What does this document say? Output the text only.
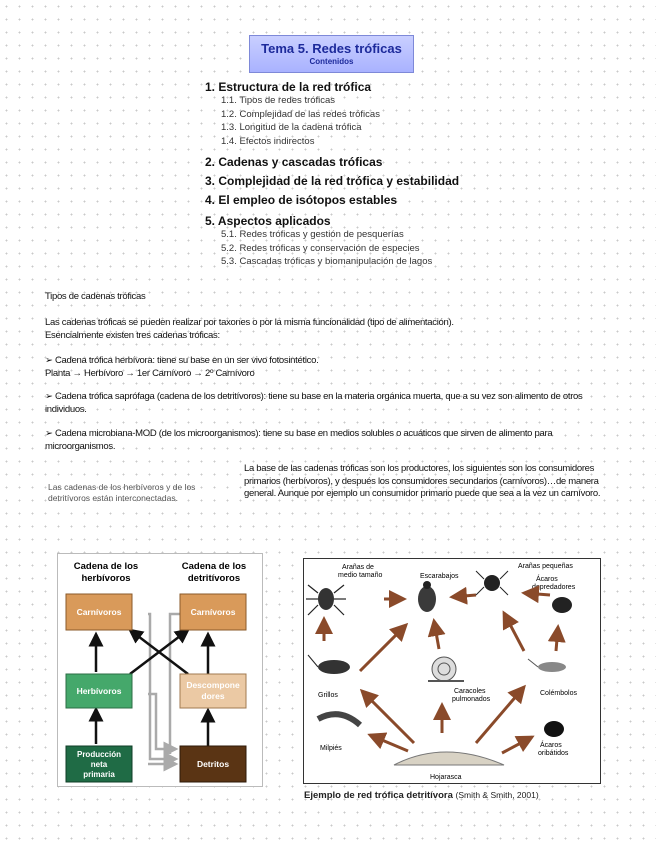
Tema 5. Redes tróficas
Contenidos
1. Estructura de la red trófica
1.1. Tipos de redes tróficas
1.2. Complejidad de las redes tróficas
1.3. Longitud de la cadena trófica
1.4. Efectos indirectos
2. Cadenas y cascadas tróficas
3. Complejidad de la red trófica y estabilidad
4. El empleo de isótopos estables
5. Aspectos aplicados
5.1. Redes tróficas y gestión de pesquerías
5.2. Redes tróficas y conservación de especies
5.3. Cascadas tróficas y biomanipulación de lagos
Tipos de cadenas tróficas
Las cadenas tróficas se pueden realizar por taxones o por la misma funcionalidad (tipo de alimentación).
Esencialmente existen tres cadenas tróficas:
➢ Cadena trófica herbívora: tiene su base en un ser vivo fotosintético.
Planta → Herbívoro → 1er Carnívoro → 2º Carnívoro
➢ Cadena trófica saprófaga (cadena de los detritívoros): tiene su base en la materia orgánica muerta, que a su vez son alimento de otros individuos.
➢ Cadena microbiana-MOD (de los microorganismos): tiene su base en medios solubles o acuáticos que sirven de alimento para microorganismos.
Las cadenas de los herbívoros y de los detritívoros están interconectadas.
La base de las cadenas tróficas son los productores, los siguientes son los consumidores primarios (herbívoros), y después los consumidores secundarios (carnívoros)…de manera general. Aunque por ejemplo un consumidor primario puede que sea a la vez un carnívoro.
Cadena de los
herbívoros
Cadena de los
detritívoros
Carnívoros	Carnívoros
Herbívoros
Descompone
dores
Producción
neta
primaria
Detritos
Arañas de
medio tamaño	Escarabajos
Arañas pequeñas
Ácaros
depredadores
Grillos
Caracoles
pulmonados
Colémbolos
Milpiés	Ácaros
oribátidos
Hojarasca
Ejemplo de red trófica detritívora (Smith & Smith, 2001)
